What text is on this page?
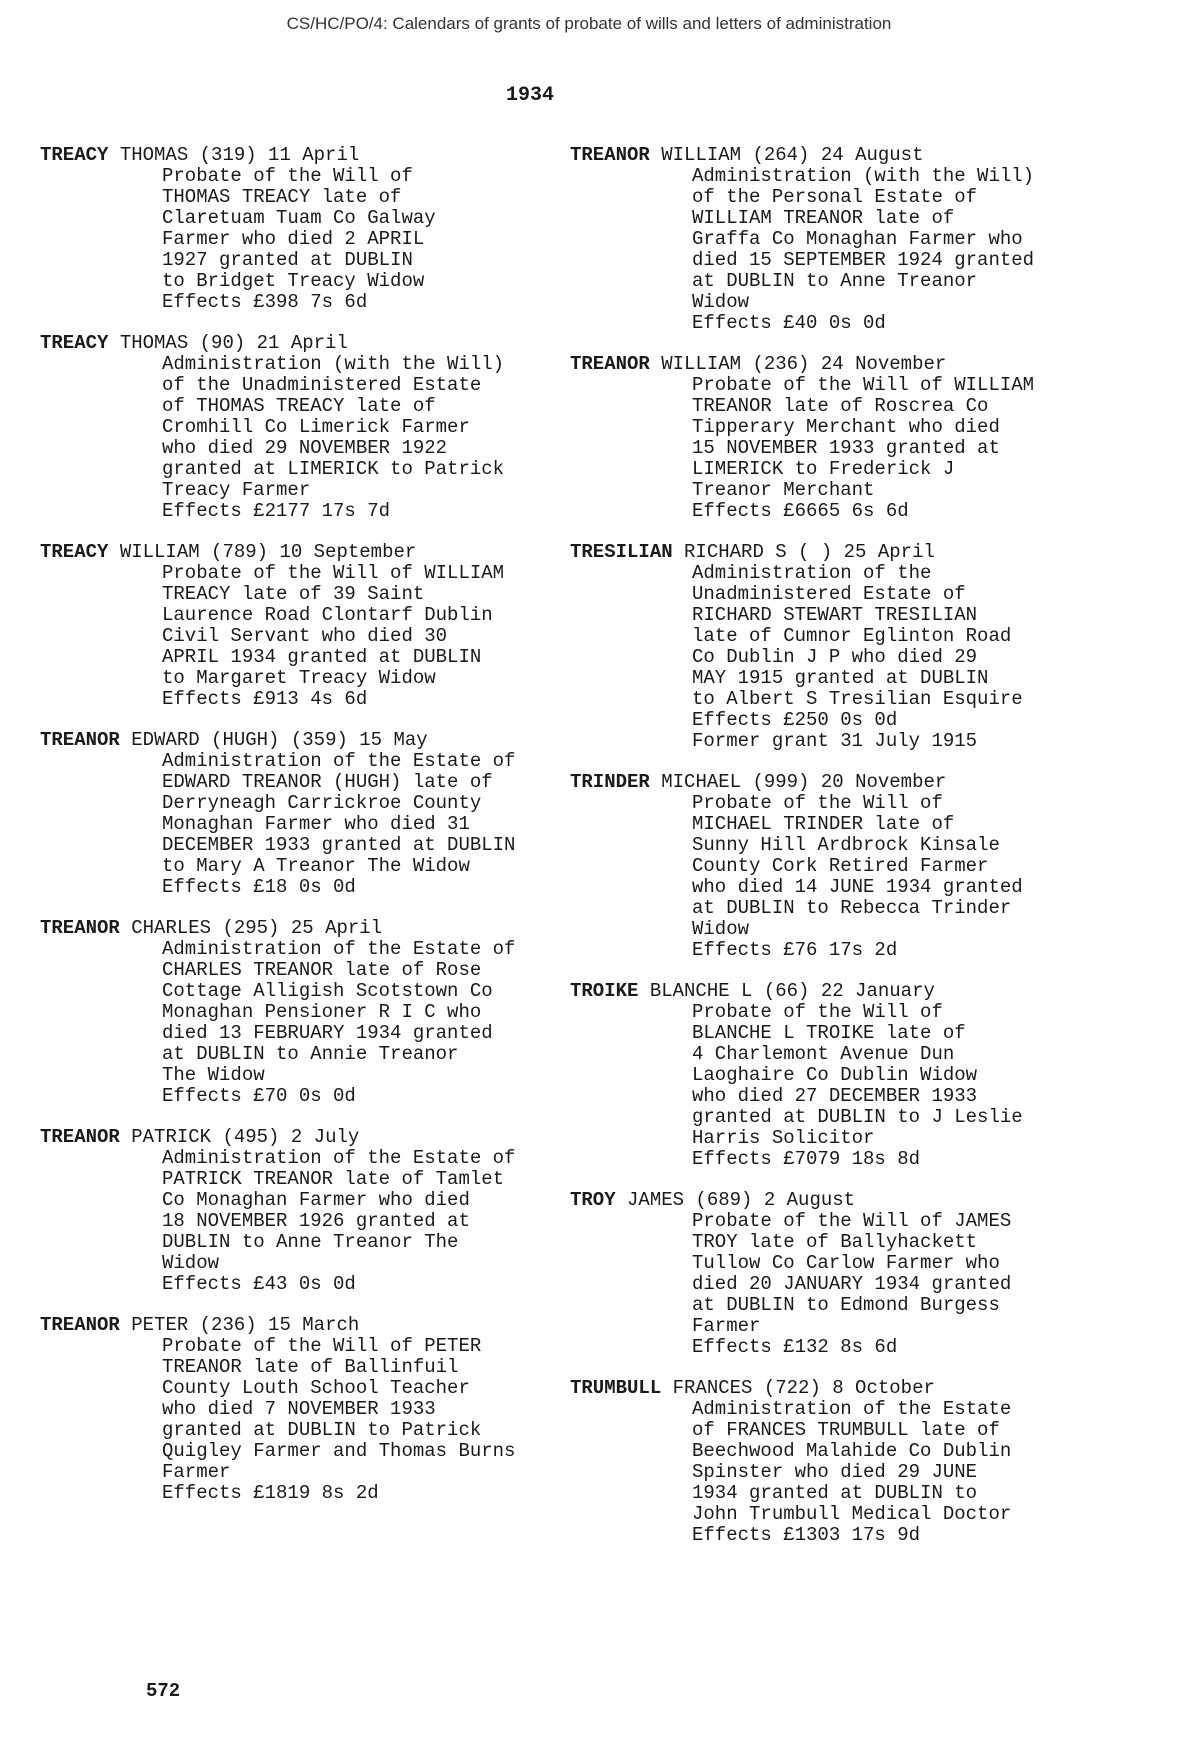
CS/HC/PO/4: Calendars of grants of probate of wills and letters of administration
1934
TREACY THOMAS (319) 11 April
Probate of the Will of
THOMAS TREACY late of
Claretuam Tuam Co Galway
Farmer who died 2 APRIL
1927 granted at DUBLIN
to Bridget Treacy Widow
Effects £398 7s 6d
TREACY THOMAS (90) 21 April
Administration (with the Will)
of the Unadministered Estate
of THOMAS TREACY late of
Cromhill Co Limerick Farmer
who died 29 NOVEMBER 1922
granted at LIMERICK to Patrick
Treacy Farmer
Effects £2177 17s 7d
TREACY WILLIAM (789) 10 September
Probate of the Will of WILLIAM
TREACY late of 39 Saint
Laurence Road Clontarf Dublin
Civil Servant who died 30
APRIL 1934 granted at DUBLIN
to Margaret Treacy Widow
Effects £913 4s 6d
TREANOR EDWARD (HUGH) (359) 15 May
Administration of the Estate of
EDWARD TREANOR (HUGH) late of
Derryneagh Carrickroe County
Monaghan Farmer who died 31
DECEMBER 1933 granted at DUBLIN
to Mary A Treanor The Widow
Effects £18 0s 0d
TREANOR CHARLES (295) 25 April
Administration of the Estate of
CHARLES TREANOR late of Rose
Cottage Alligish Scotstown Co
Monaghan Pensioner R I C who
died 13 FEBRUARY 1934 granted
at DUBLIN to Annie Treanor
The Widow
Effects £70 0s 0d
TREANOR PATRICK (495) 2 July
Administration of the Estate of
PATRICK TREANOR late of Tamlet
Co Monaghan Farmer who died
18 NOVEMBER 1926 granted at
DUBLIN to Anne Treanor The
Widow
Effects £43 0s 0d
TREANOR PETER (236) 15 March
Probate of the Will of PETER
TREANOR late of Ballinfuil
County Louth School Teacher
who died 7 NOVEMBER 1933
granted at DUBLIN to Patrick
Quigley Farmer and Thomas Burns
Farmer
Effects £1819 8s 2d
TREANOR WILLIAM (264) 24 August
Administration (with the Will)
of the Personal Estate of
WILLIAM TREANOR late of
Graffa Co Monaghan Farmer who
died 15 SEPTEMBER 1924 granted
at DUBLIN to Anne Treanor
Widow
Effects £40 0s 0d
TREANOR WILLIAM (236) 24 November
Probate of the Will of WILLIAM
TREANOR late of Roscrea Co
Tipperary Merchant who died
15 NOVEMBER 1933 granted at
LIMERICK to Frederick J
Treanor Merchant
Effects £6665 6s 6d
TRESILIAN RICHARD S ( ) 25 April
Administration of the
Unadministered Estate of
RICHARD STEWART TRESILIAN
late of Cumnor Eglinton Road
Co Dublin J P who died 29
MAY 1915 granted at DUBLIN
to Albert S Tresilian Esquire
Effects £250 0s 0d
Former grant 31 July 1915
TRINDER MICHAEL (999) 20 November
Probate of the Will of
MICHAEL TRINDER late of
Sunny Hill Ardbrock Kinsale
County Cork Retired Farmer
who died 14 JUNE 1934 granted
at DUBLIN to Rebecca Trinder
Widow
Effects £76 17s 2d
TROIKE BLANCHE L (66) 22 January
Probate of the Will of
BLANCHE L TROIKE late of
4 Charlemont Avenue Dun
Laoghaire Co Dublin Widow
who died 27 DECEMBER 1933
granted at DUBLIN to J Leslie
Harris Solicitor
Effects £7079 18s 8d
TROY JAMES (689) 2 August
Probate of the Will of JAMES
TROY late of Ballyhackett
Tullow Co Carlow Farmer who
died 20 JANUARY 1934 granted
at DUBLIN to Edmond Burgess
Farmer
Effects £132 8s 6d
TRUMBULL FRANCES (722) 8 October
Administration of the Estate
of FRANCES TRUMBULL late of
Beechwood Malahide Co Dublin
Spinster who died 29 JUNE
1934 granted at DUBLIN to
John Trumbull Medical Doctor
Effects £1303 17s 9d
572
